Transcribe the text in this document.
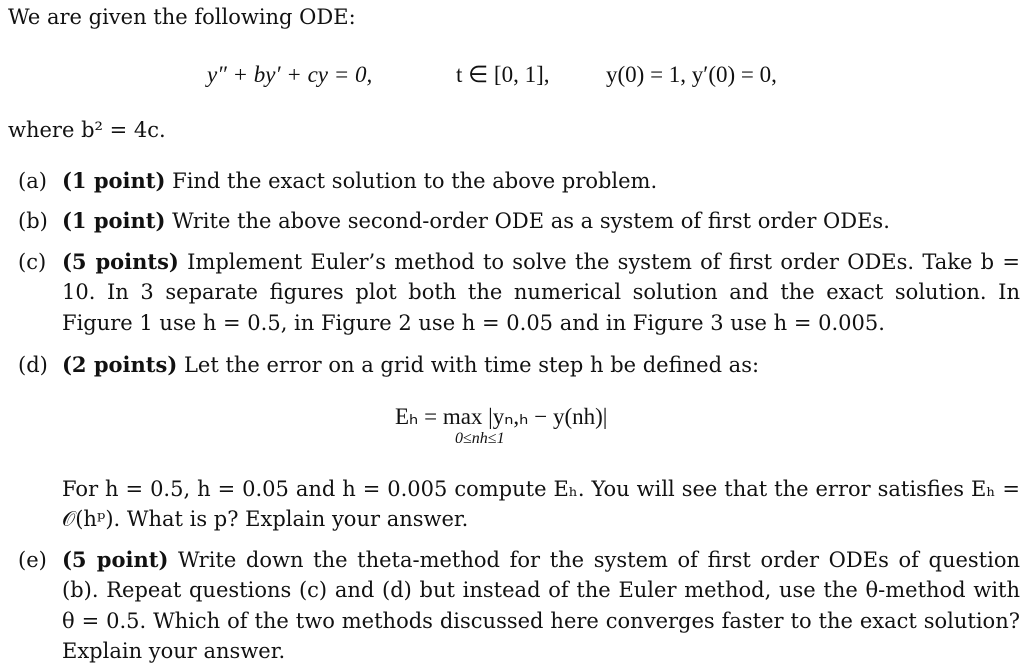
We are given the following ODE:
y″ + by′ + cy = 0,	t ∈ [0, 1], y(0) = 1, y′(0) = 0,
where b² = 4c.
(a) (1 point) Find the exact solution to the above problem.
(b) (1 point) Write the above second-order ODE as a system of first order ODEs.
(c) (5 points) Implement Euler’s method to solve the system of first order ODEs. Take b = 10. In 3 separate figures plot both the numerical solution and the exact solution. In Figure 1 use h = 0.5, in Figure 2 use h = 0.05 and in Figure 3 use h = 0.005.
(d) (2 points) Let the error on a grid with time step h be defined as:
Eₕ = max |yₙ,ₕ − y(nh)|
0≤nh≤1
For h = 0.5, h = 0.05 and h = 0.005 compute Eₕ. You will see that the error satisfies Eₕ = 𝒪(hᵖ). What is p? Explain your answer.
(e) (5 point) Write down the theta-method for the system of first order ODEs of question (b). Repeat questions (c) and (d) but instead of the Euler method, use the θ-method with θ = 0.5. Which of the two methods discussed here converges faster to the exact solution? Explain your answer.
